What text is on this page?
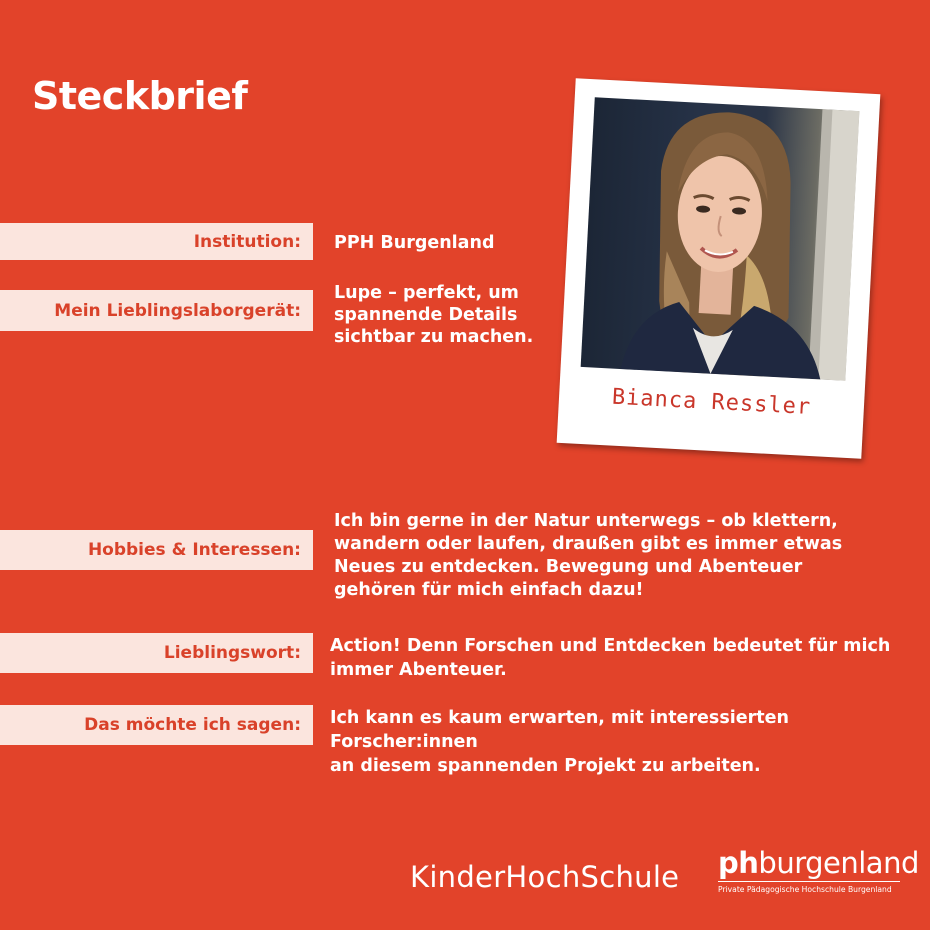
Steckbrief
Institution: PPH Burgenland
Mein Lieblingslaborgerät:
Lupe – perfekt, um
spannende Details
sichtbar zu machen.
Hobbies & Interessen:
Ich bin gerne in der Natur unterwegs – ob klettern,
wandern oder laufen, draußen gibt es immer etwas
Neues zu entdecken. Bewegung und Abenteuer
gehören für mich einfach dazu!
Lieblingswort: Action! Denn Forschen und Entdecken bedeutet für mich
immer Abenteuer.
Das möchte ich sagen: Ich kann es kaum erwarten, mit interessierten Forscher:innen
an diesem spannenden Projekt zu arbeiten.
Bianca Ressler
KinderHochSchule phburgenland
Private Pädagogische Hochschule Burgenland
